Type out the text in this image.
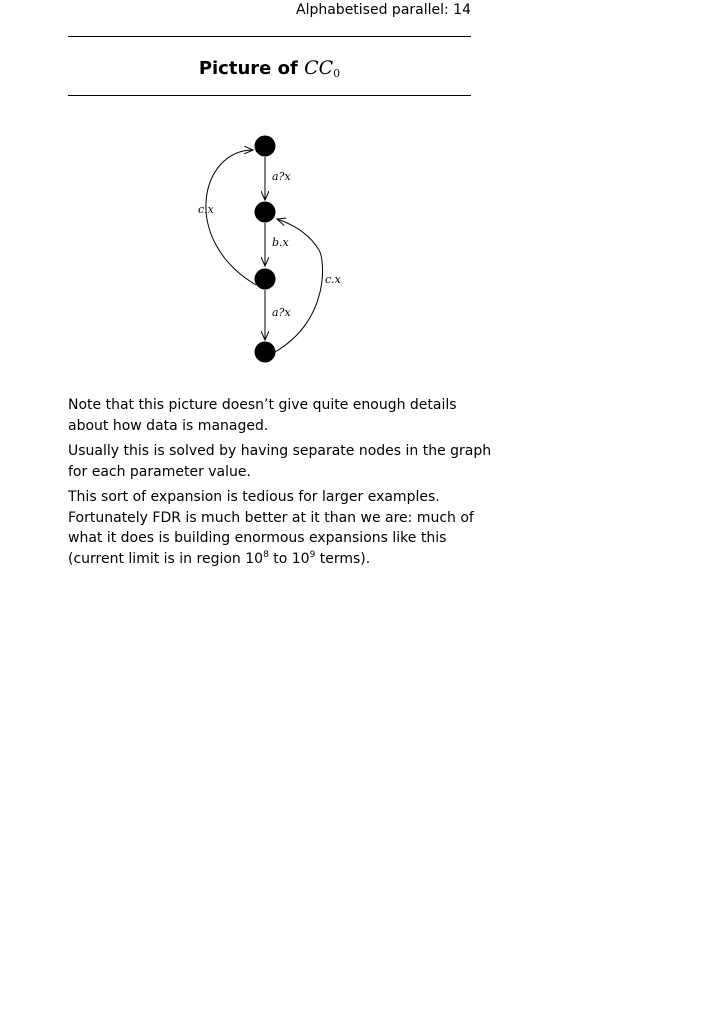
Alphabetised parallel: 14
Picture of $CC_0$
a?x
b.x
a?x
c.x
c.x

Note that this picture doesn’t give quite enough details
about how data is managed.

Usually this is solved by having separate nodes in the graph
for each parameter value.

This sort of expansion is tedious for larger examples.
Fortunately FDR is much better at it than we are: much of
what it does is building enormous expansions like this
(current limit is in region $10^8$ to $10^9$ terms).
